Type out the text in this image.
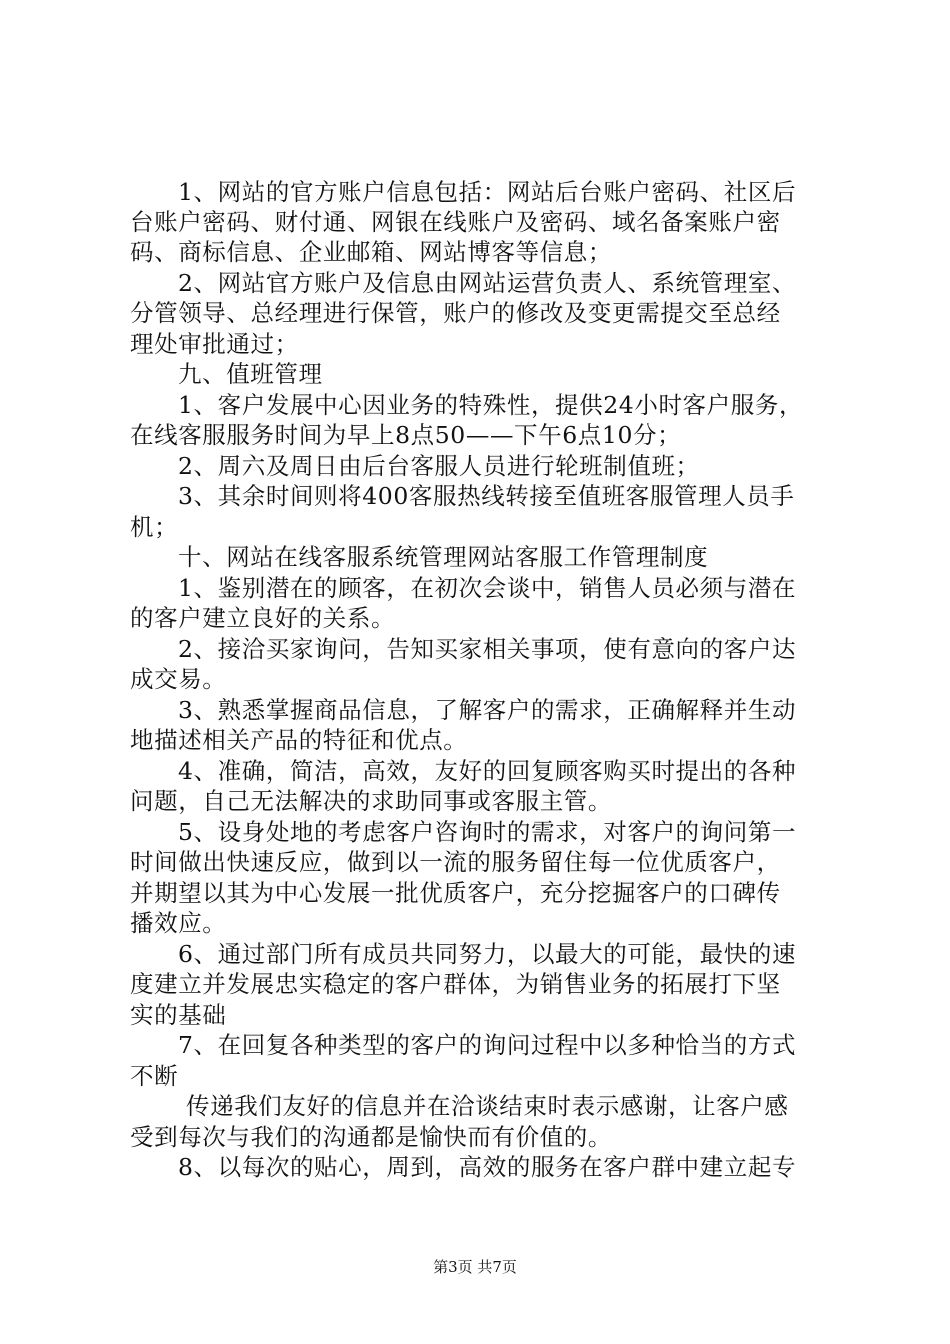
1、网站的官方账户信息包括：网站后台账户密码、社区后
台账户密码、财付通、网银在线账户及密码、域名备案账户密
码、商标信息、企业邮箱、网站博客等信息；
2、网站官方账户及信息由网站运营负责人、系统管理室、
分管领导、总经理进行保管，账户的修改及变更需提交至总经
理处审批通过；
九、值班管理
1、客户发展中心因业务的特殊性，提供24小时客户服务，
在线客服服务时间为早上8点50——下午6点10分；
2、周六及周日由后台客服人员进行轮班制值班；
3、其余时间则将400客服热线转接至值班客服管理人员手
机；
十、网站在线客服系统管理网站客服工作管理制度
1、鉴别潜在的顾客，在初次会谈中，销售人员必须与潜在
的客户建立良好的关系。
2、接洽买家询问，告知买家相关事项，使有意向的客户达
成交易。
3、熟悉掌握商品信息，了解客户的需求，正确解释并生动
地描述相关产品的特征和优点。
4、准确，简洁，高效，友好的回复顾客购买时提出的各种
问题，自己无法解决的求助同事或客服主管。
5、设身处地的考虑客户咨询时的需求，对客户的询问第一
时间做出快速反应，做到以一流的服务留住每一位优质客户，
并期望以其为中心发展一批优质客户，充分挖掘客户的口碑传
播效应。
6、通过部门所有成员共同努力，以最大的可能，最快的速
度建立并发展忠实稳定的客户群体，为销售业务的拓展打下坚
实的基础
7、在回复各种类型的客户的询问过程中以多种恰当的方式
不断
传递我们友好的信息并在洽谈结束时表示感谢，让客户感
受到每次与我们的沟通都是愉快而有价值的。
8、以每次的贴心，周到，高效的服务在客户群中建立起专
第3页 共7页
